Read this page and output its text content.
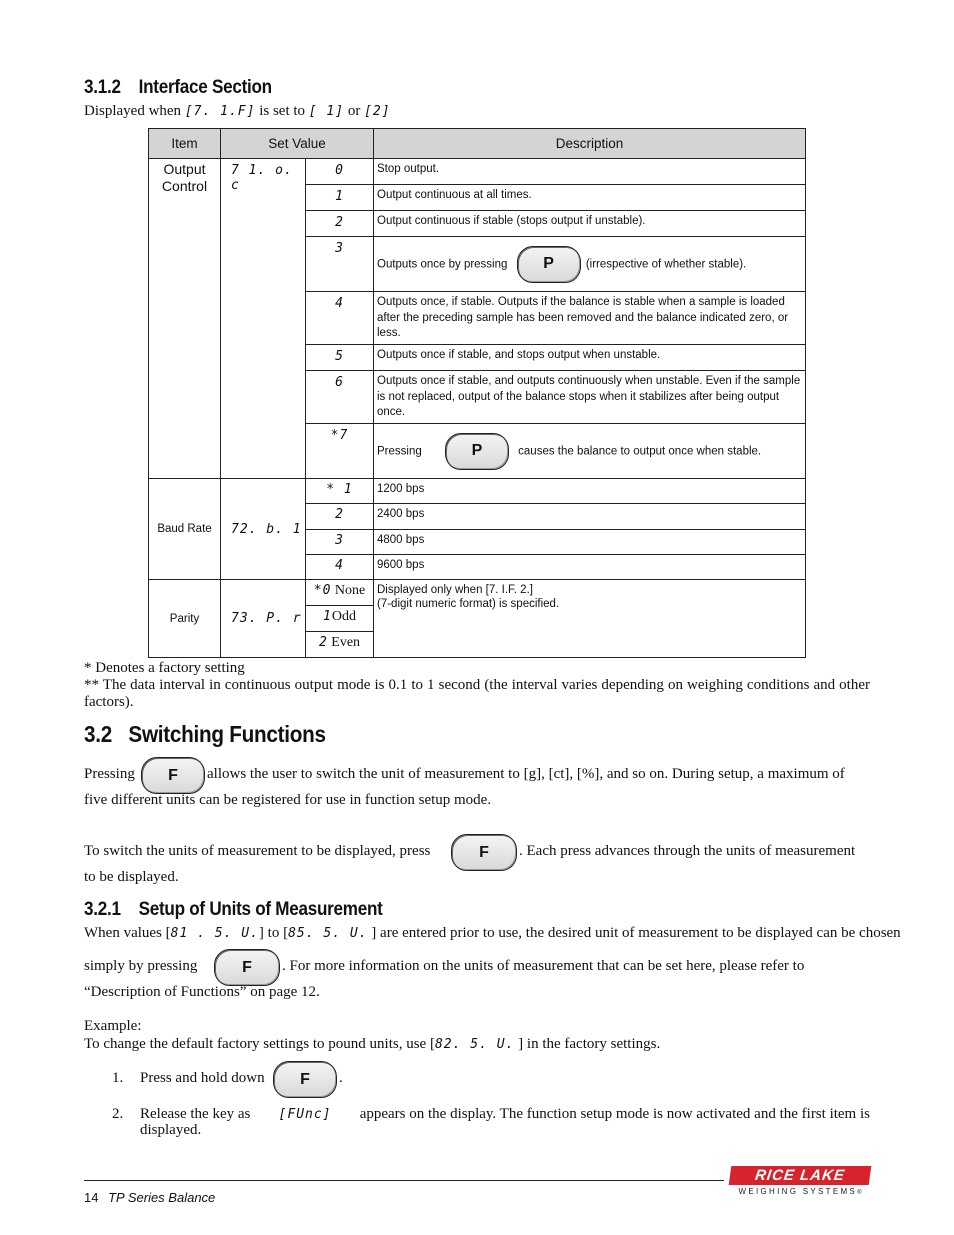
3.1.2 Interface Section
Displayed when [7. 1.F] is set to [ 1] or [2]
Item	Set Value		Description

Output
Control	7 1. o. c	0	Stop output.
		1	Output continuous at all times.
		2	Output continuous if stable (stops output if unstable).
		3	Outputs once by pressing P (irrespective of whether stable).
		4	Outputs once, if stable. Outputs if the balance is stable when a sample is loaded after the preceding sample has been removed and the balance indicated zero, or less.
		5	Outputs once if stable, and stops output when unstable.
		6	Outputs once if stable, and outputs continuously when unstable. Even if the sample is not replaced, output of the balance stops when it stabilizes after being output once.
		*7	Pressing P causes the balance to output once when stable.
Baud Rate	72. b. 1	* 1	1200 bps
		2	2400 bps
		3	4800 bps
		4	9600 bps
Parity	73. P. r	*0 None	Displayed only when [7. I.F. 2.]
(7-digit numeric format) is specified.

		1Odd	
		2 Even	
* Denotes a factory setting
** The data interval in continuous output mode is 0.1 to 1 second (the interval varies depending on weighing conditions and other factors).
3.2 Switching Functions
Pressing	F	allows the user to switch the unit of measurement to [g], [ct], [%], and so on. During setup, a maximum of
five different units can be registered for use in function setup mode.
To switch the units of measurement to be displayed, press	F	. Each press advances through the units of measurement
to be displayed.
3.2.1 Setup of Units of Measurement
When values [81 . 5. U.] to [85. 5. U. ] are entered prior to use, the desired unit of measurement to be displayed can be chosen
simply by pressing	F	. For more information on the units of measurement that can be set here, please refer to
“Description of Functions” on page 12.
Example:
To change the default factory settings to pound units, use [82. 5. U. ] in the factory settings.
1. Press and hold down	F	.
2. Release the key as [FUnc] appears on the display. The function setup mode is now activated and the first item is
displayed.
14 TP Series Balance
RICE LAKE
WEIGHING SYSTEMS®
